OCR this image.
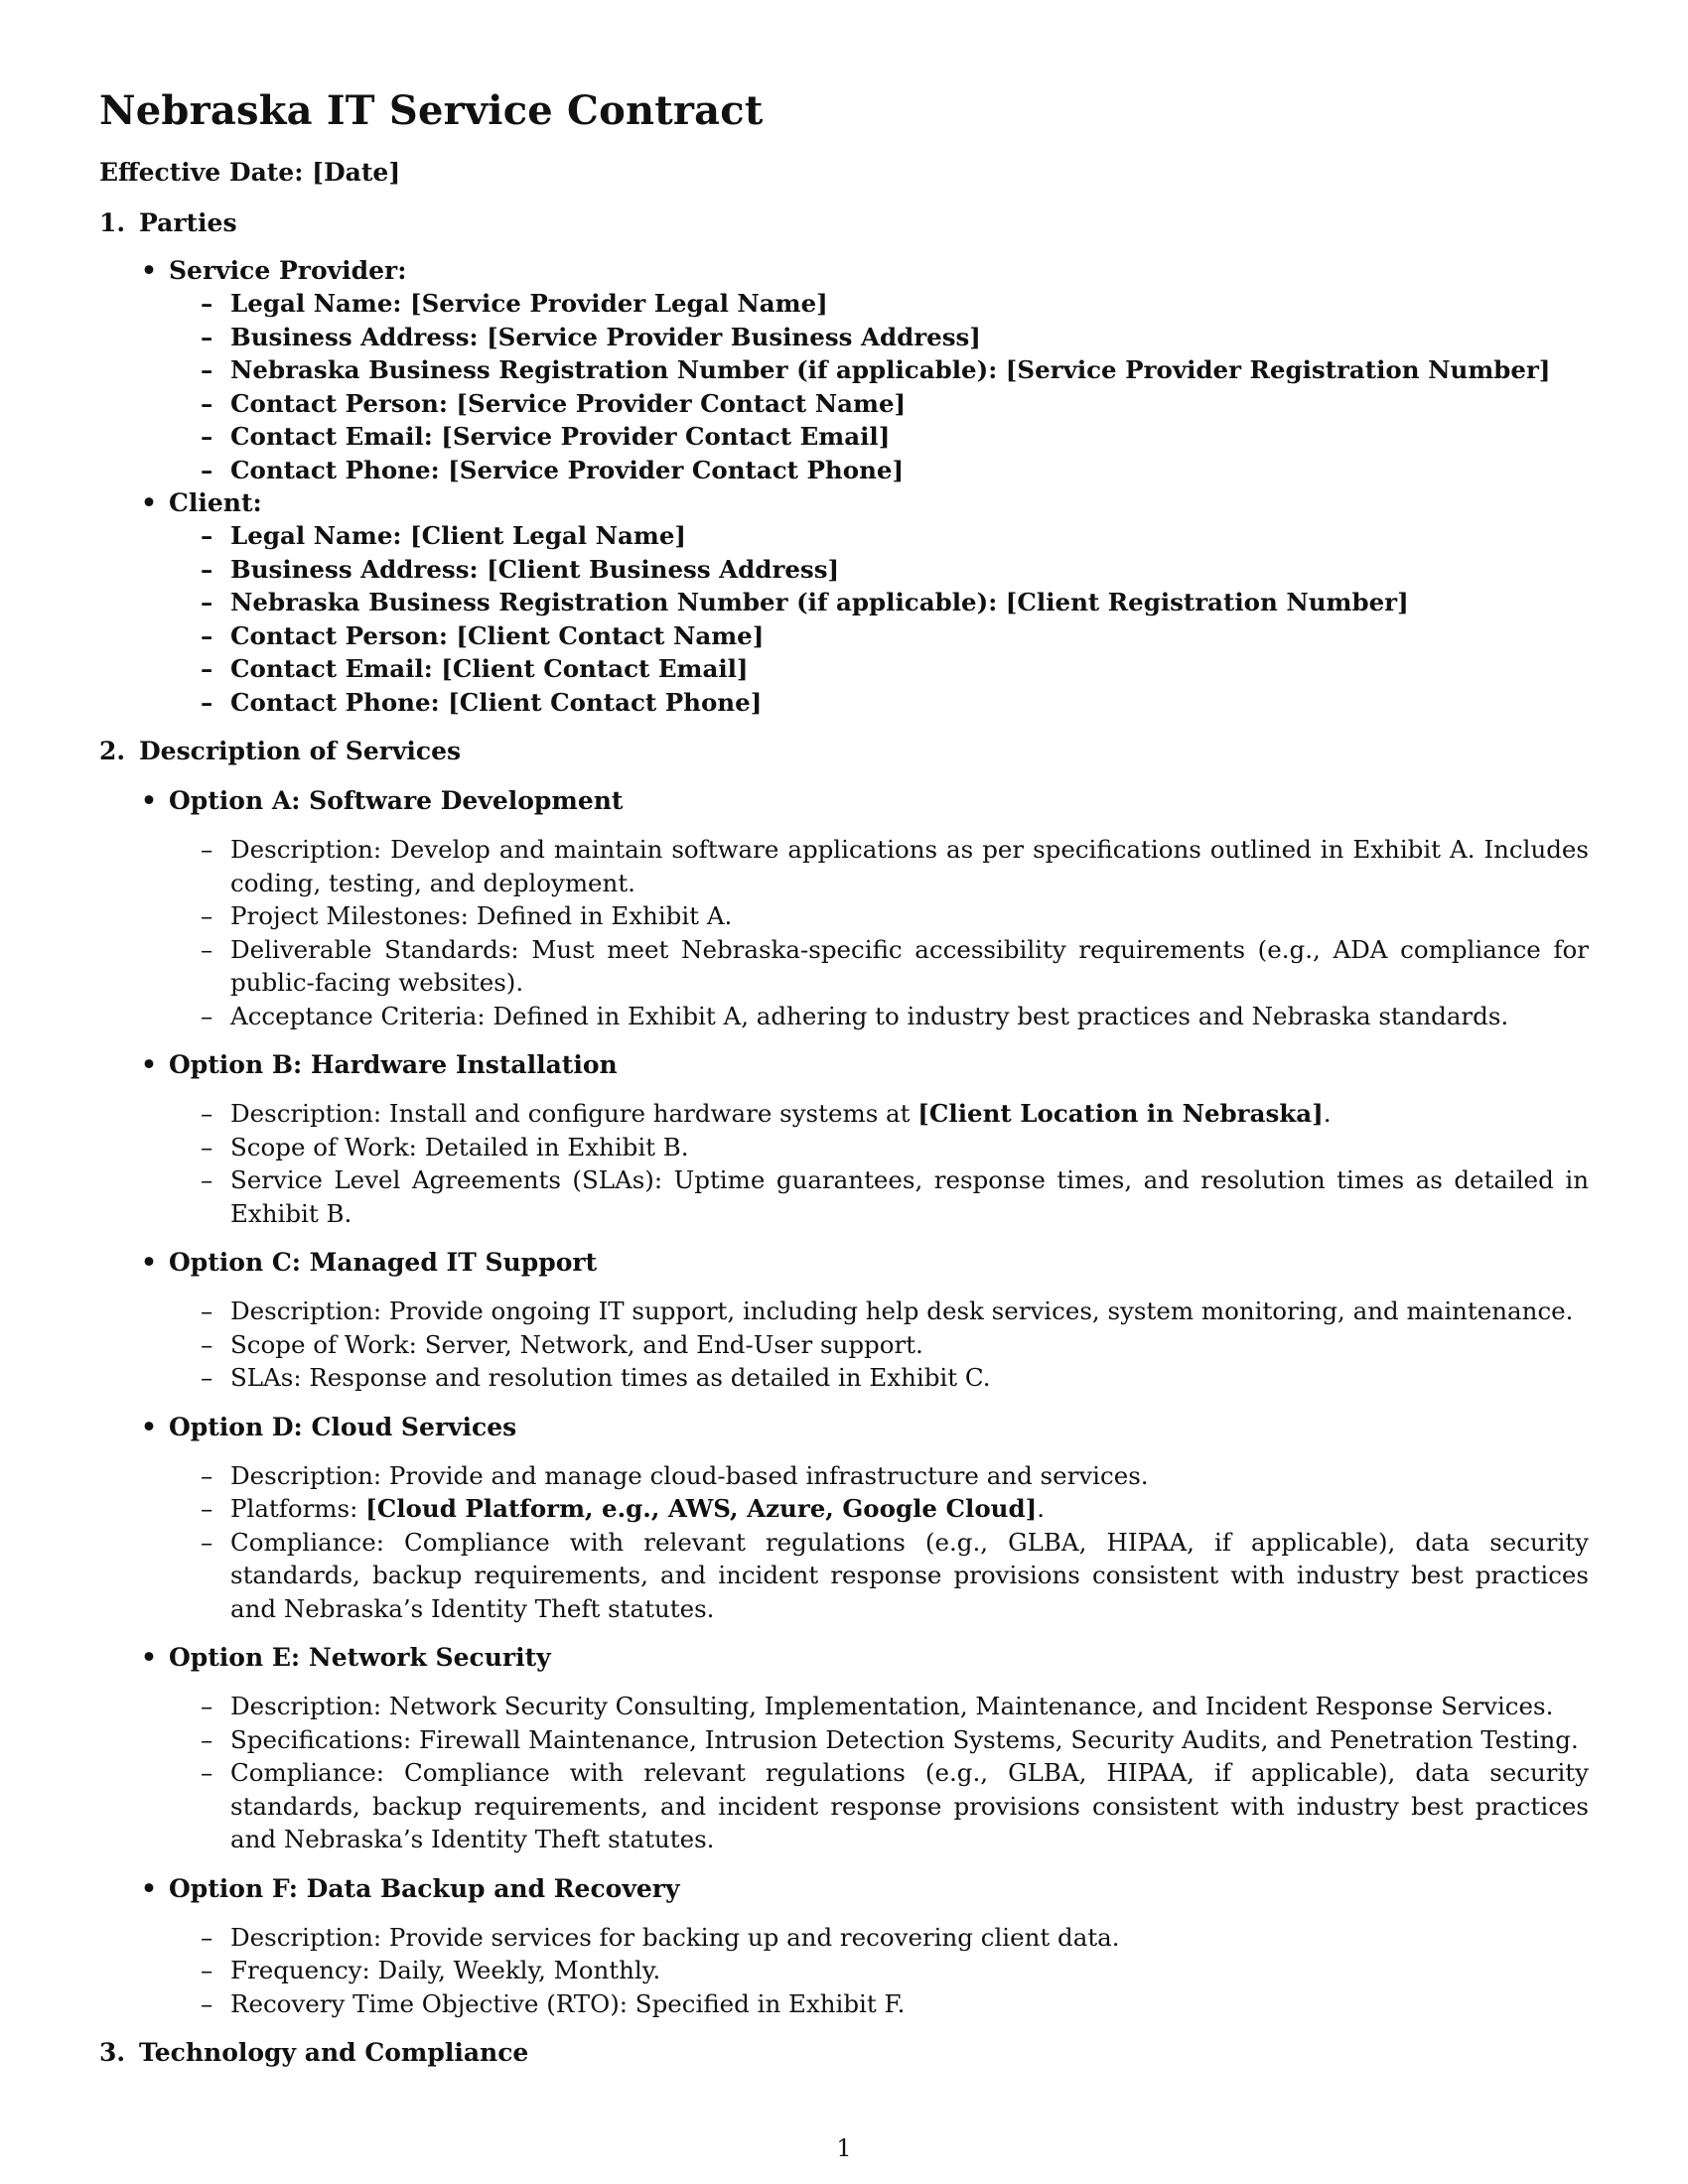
Nebraska IT Service Contract

Effective Date: [Date]

1. Parties
• Service Provider:
– Legal Name: [Service Provider Legal Name]
– Business Address: [Service Provider Business Address]
– Nebraska Business Registration Number (if applicable): [Service Provider Registration Number]
– Contact Person: [Service Provider Contact Name]
– Contact Email: [Service Provider Contact Email]
– Contact Phone: [Service Provider Contact Phone]
• Client:
– Legal Name: [Client Legal Name]
– Business Address: [Client Business Address]
– Nebraska Business Registration Number (if applicable): [Client Registration Number]
– Contact Person: [Client Contact Name]
– Contact Email: [Client Contact Email]
– Contact Phone: [Client Contact Phone]
2. Description of Services
• Option A: Software Development
– Description: Develop and maintain software applications as per specifications outlined in Exhibit A. Includes coding, testing, and deployment.
– Project Milestones: Defined in Exhibit A.
– Deliverable Standards: Must meet Nebraska-specific accessibility requirements (e.g., ADA compliance for public-facing websites).
– Acceptance Criteria: Defined in Exhibit A, adhering to industry best practices and Nebraska standards.
• Option B: Hardware Installation
– Description: Install and configure hardware systems at [Client Location in Nebraska].
– Scope of Work: Detailed in Exhibit B.
– Service Level Agreements (SLAs): Uptime guarantees, response times, and resolution times as detailed in Exhibit B.
• Option C: Managed IT Support
– Description: Provide ongoing IT support, including help desk services, system monitoring, and maintenance.
– Scope of Work: Server, Network, and End-User support.
– SLAs: Response and resolution times as detailed in Exhibit C.
• Option D: Cloud Services
– Description: Provide and manage cloud-based infrastructure and services.
– Platforms: [Cloud Platform, e.g., AWS, Azure, Google Cloud].
– Compliance: Compliance with relevant regulations (e.g., GLBA, HIPAA, if applicable), data security standards, backup requirements, and incident response provisions consistent with industry best practices and Nebraska’s Identity Theft statutes.
• Option E: Network Security
– Description: Network Security Consulting, Implementation, Maintenance, and Incident Response Services.
– Specifications: Firewall Maintenance, Intrusion Detection Systems, Security Audits, and Penetration Testing.
– Compliance: Compliance with relevant regulations (e.g., GLBA, HIPAA, if applicable), data security standards, backup requirements, and incident response provisions consistent with industry best practices and Nebraska’s Identity Theft statutes.
• Option F: Data Backup and Recovery
– Description: Provide services for backing up and recovering client data.
– Frequency: Daily, Weekly, Monthly.
– Recovery Time Objective (RTO): Specified in Exhibit F.
3. Technology and Compliance
1
